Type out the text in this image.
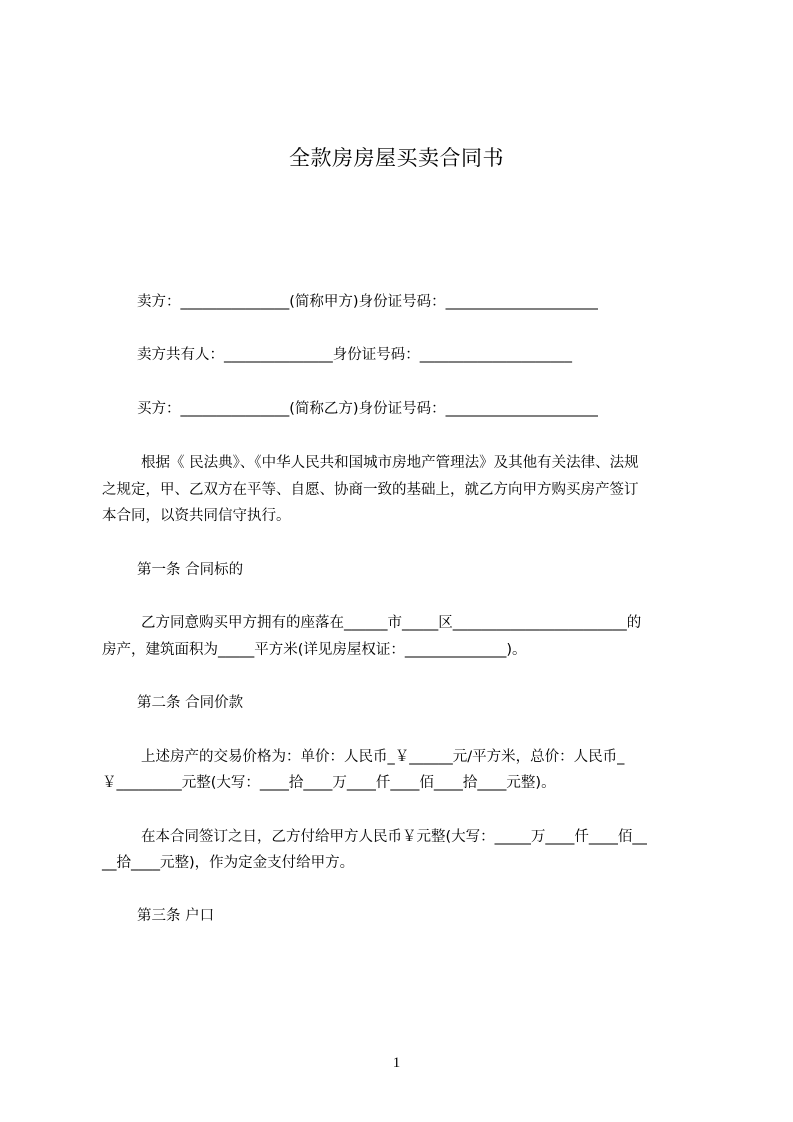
全款房房屋买卖合同书
卖方：_______________(简称甲方)身份证号码：_____________________
卖方共有人：_______________身份证号码：_____________________
买方：_______________(简称乙方)身份证号码：_____________________
根据《 民法典》、《中华人民共和国城市房地产管理法》及其他有关法律、法规
之规定，甲、乙双方在平等、自愿、协商一致的基础上，就乙方向甲方购买房产签订
本合同，以资共同信守执行。
第一条 合同标的
乙方同意购买甲方拥有的座落在______市_____区________________________的
房产，建筑面积为_____平方米(详见房屋权证：______________)。
第二条 合同价款
上述房产的交易价格为：单价：人民币_￥______元/平方米，总价：人民币_
￥_________元整(大写：____拾____万____仟____佰____拾____元整)。
在本合同签订之日，乙方付给甲方人民币￥元整(大写：_____万____仟____佰__
__拾____元整)，作为定金支付给甲方。
第三条 户口
1
